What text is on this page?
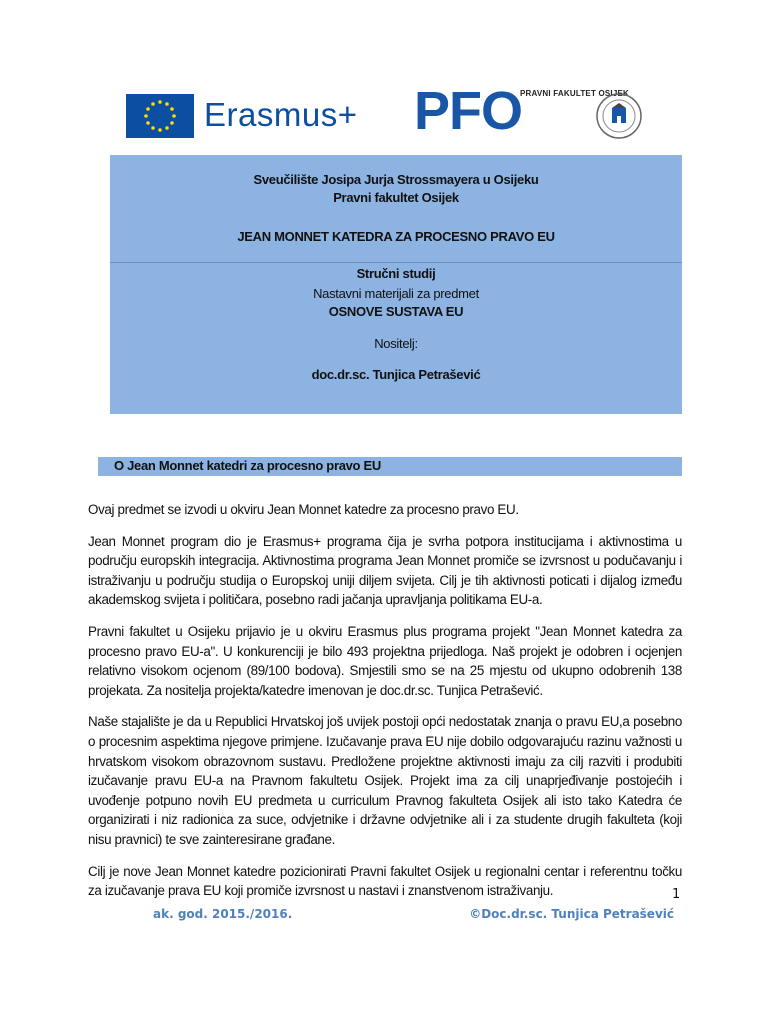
Erasmus+ PFO
PRAVNI FAKULTET OSIJEK
Sveučilište Josipa Jurja Strossmayera u Osijeku
Pravni fakultet Osijek
JEAN MONNET KATEDRA ZA PROCESNO PRAVO EU
Stručni studij
Nastavni materijali za predmet
OSNOVE SUSTAVA EU
Nositelj:
doc.dr.sc. Tunjica Petrašević
O Jean Monnet katedri za procesno pravo EU

Ovaj predmet se izvodi u okviru Jean Monnet katedre za procesno pravo EU.

Jean Monnet program dio je Erasmus+ programa čija je svrha potpora institucijama i aktivnostima u području europskih integracija. Aktivnostima programa Jean Monnet promiče se izvrsnost u podučavanju i istraživanju u području studija o Europskoj uniji diljem svijeta. Cilj je tih aktivnosti poticati i dijalog između akademskog svijeta i političara, posebno radi jačanja upravljanja politikama EU-a.

Pravni fakultet u Osijeku prijavio je u okviru Erasmus plus programa projekt "Jean Monnet katedra za procesno pravo EU-a". U konkurenciji je bilo 493 projektna prijedloga. Naš projekt je odobren i ocjenjen relativno visokom ocjenom (89/100 bodova). Smjestili smo se na 25 mjestu od ukupno odobrenih 138 projekata. Za nositelja projekta/katedre imenovan je doc.dr.sc. Tunjica Petrašević.

Naše stajalište je da u Republici Hrvatskoj još uvijek postoji opći nedostatak znanja o pravu EU,a posebno o procesnim aspektima njegove primjene. Izučavanje prava EU nije dobilo odgovarajuću razinu važnosti u hrvatskom visokom obrazovnom sustavu. Predložene projektne aktivnosti imaju za cilj razviti i produbiti izučavanje pravu EU-a na Pravnom fakultetu Osijek. Projekt ima za cilj unaprjeđivanje postojećih i uvođenje potpuno novih EU predmeta u curriculum Pravnog fakulteta Osijek ali isto tako Katedra će organizirati i niz radionica za suce, odvjetnike i državne odvjetnike ali i za studente drugih fakulteta (koji nisu pravnici) te sve zainteresirane građane.

Cilj je nove Jean Monnet katedre pozicionirati Pravni fakultet Osijek u regionalni centar i referentnu točku za izučavanje prava EU koji promiče izvrsnost u nastavi i znanstvenom istraživanju.	1
ak. god. 2015./2016.	©Doc.dr.sc. Tunjica Petrašević
